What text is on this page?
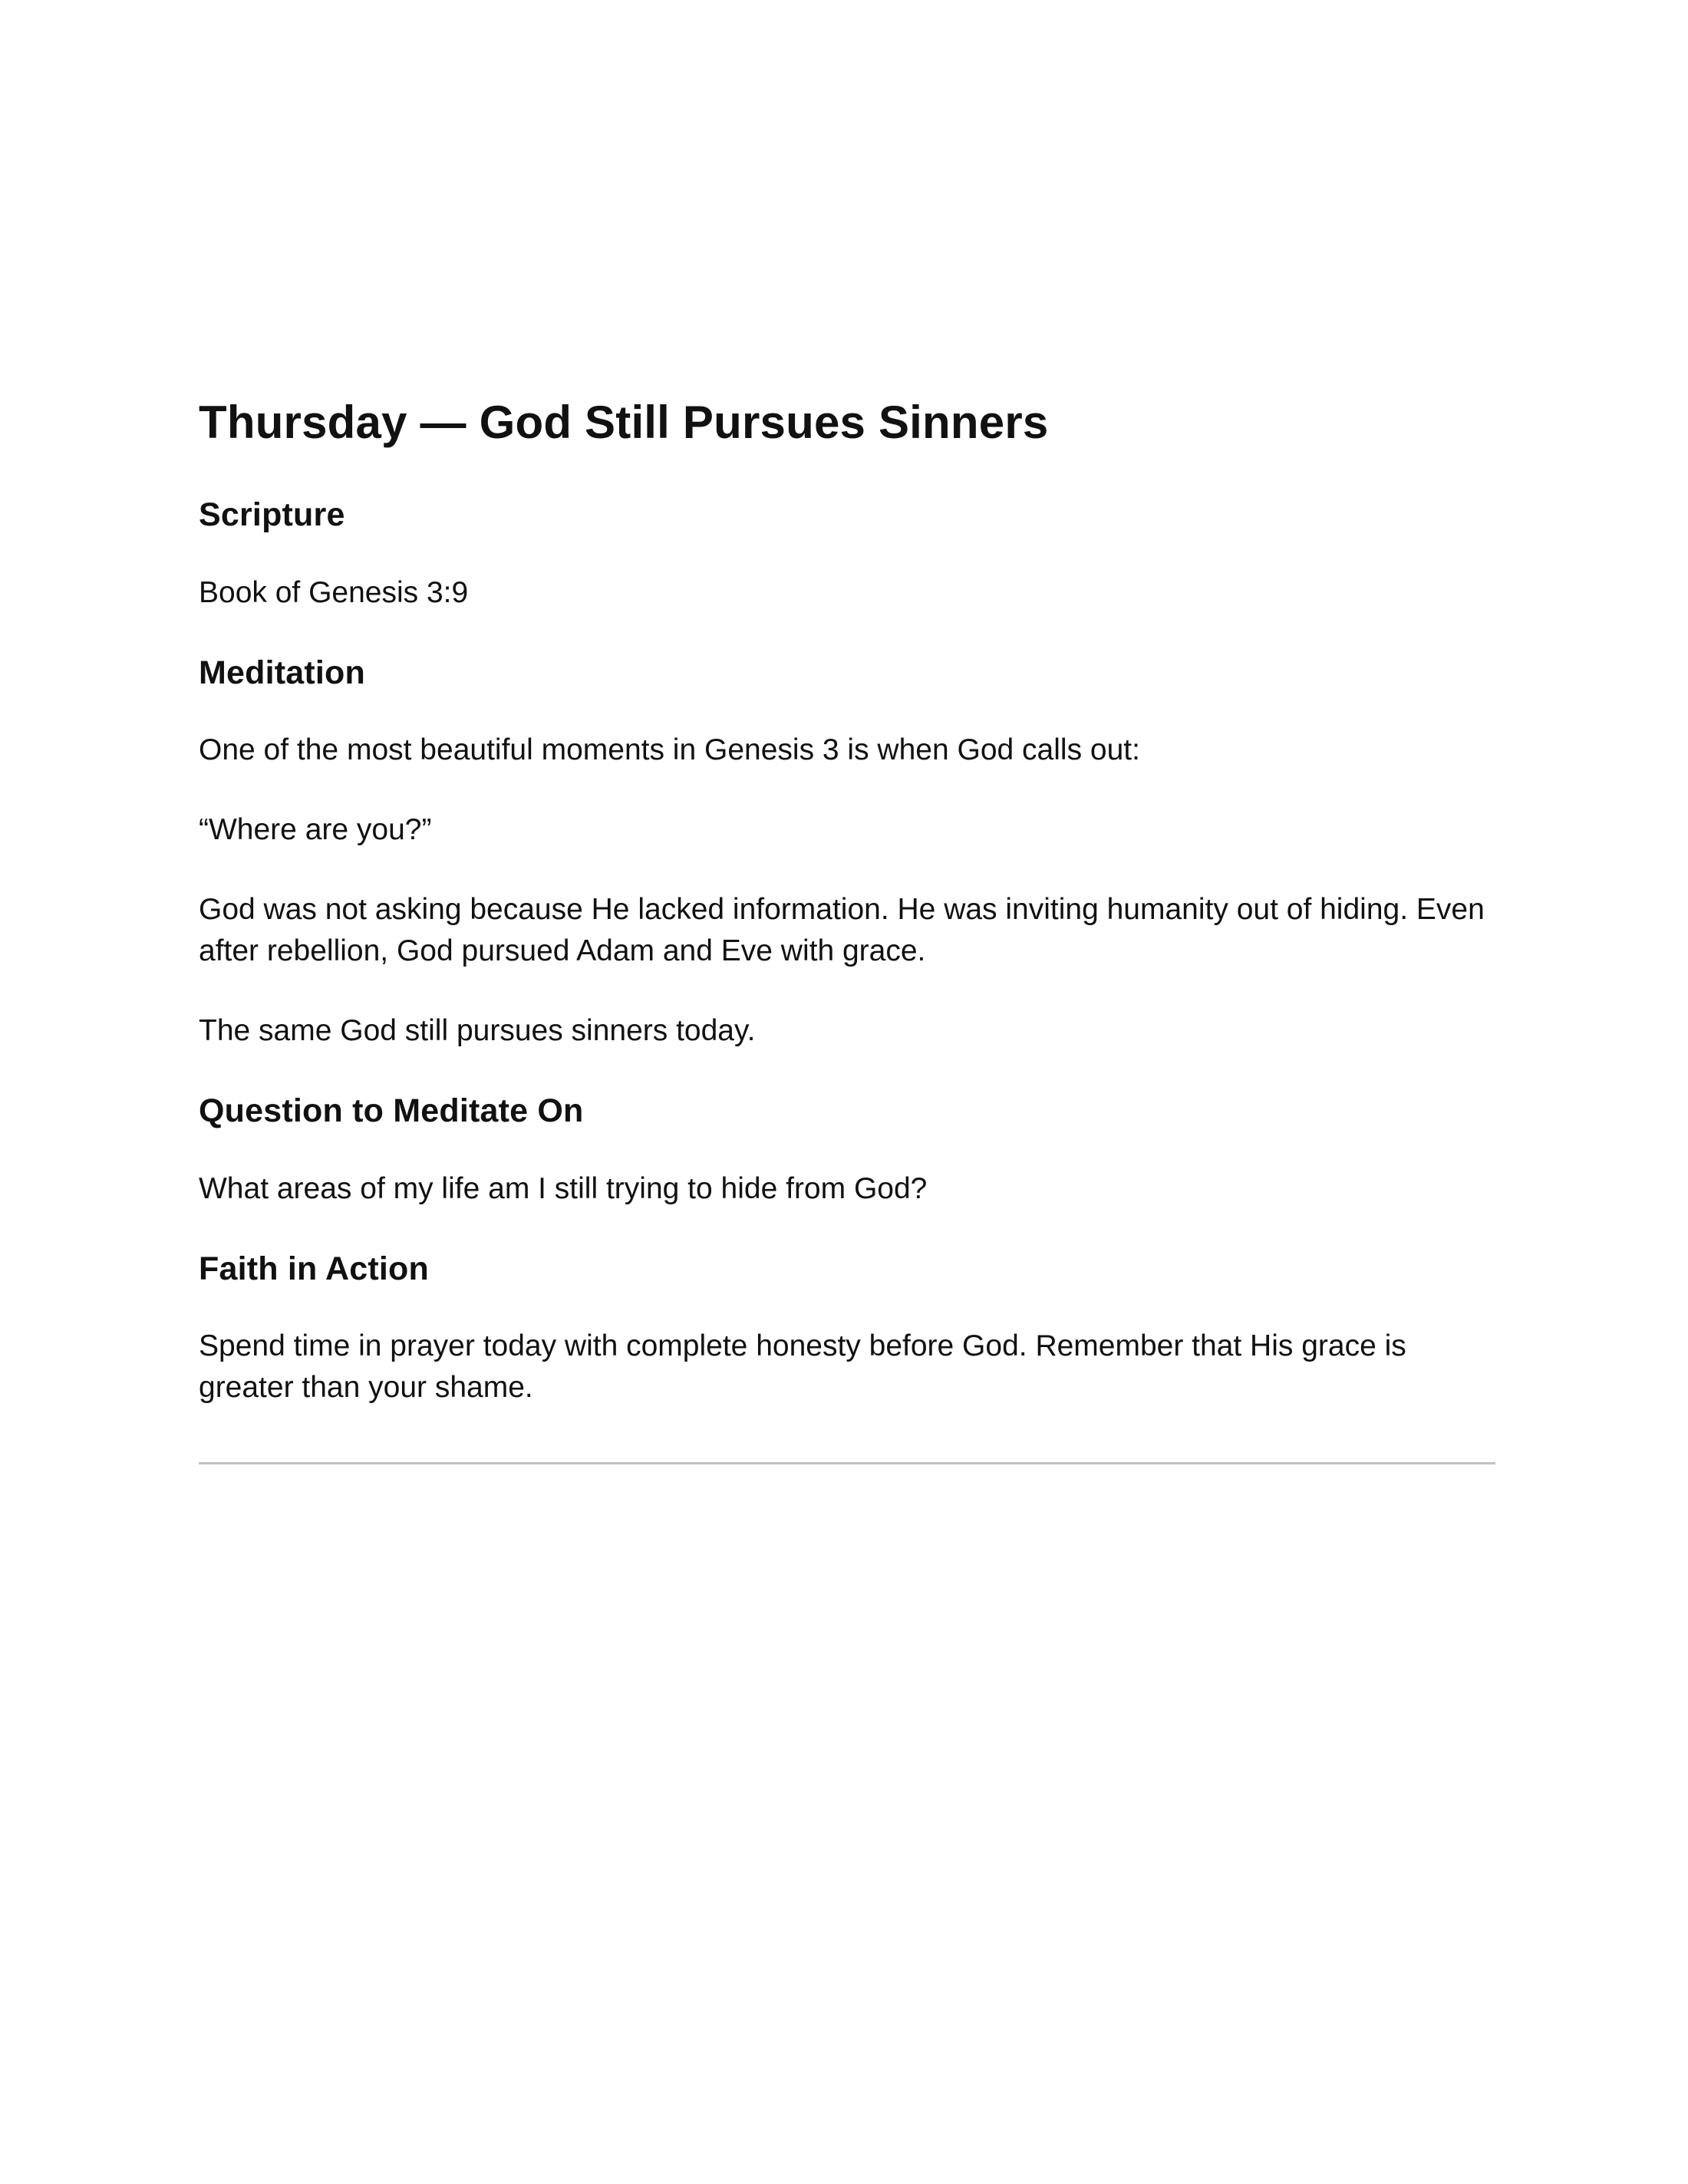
Thursday — God Still Pursues Sinners
Scripture

Book of Genesis 3:9

Meditation

One of the most beautiful moments in Genesis 3 is when God calls out:

“Where are you?”

God was not asking because He lacked information. He was inviting humanity out of hiding. Even after rebellion, God pursued Adam and Eve with grace.

The same God still pursues sinners today.

Question to Meditate On

What areas of my life am I still trying to hide from God?

Faith in Action

Spend time in prayer today with complete honesty before God. Remember that His grace is greater than your shame.
